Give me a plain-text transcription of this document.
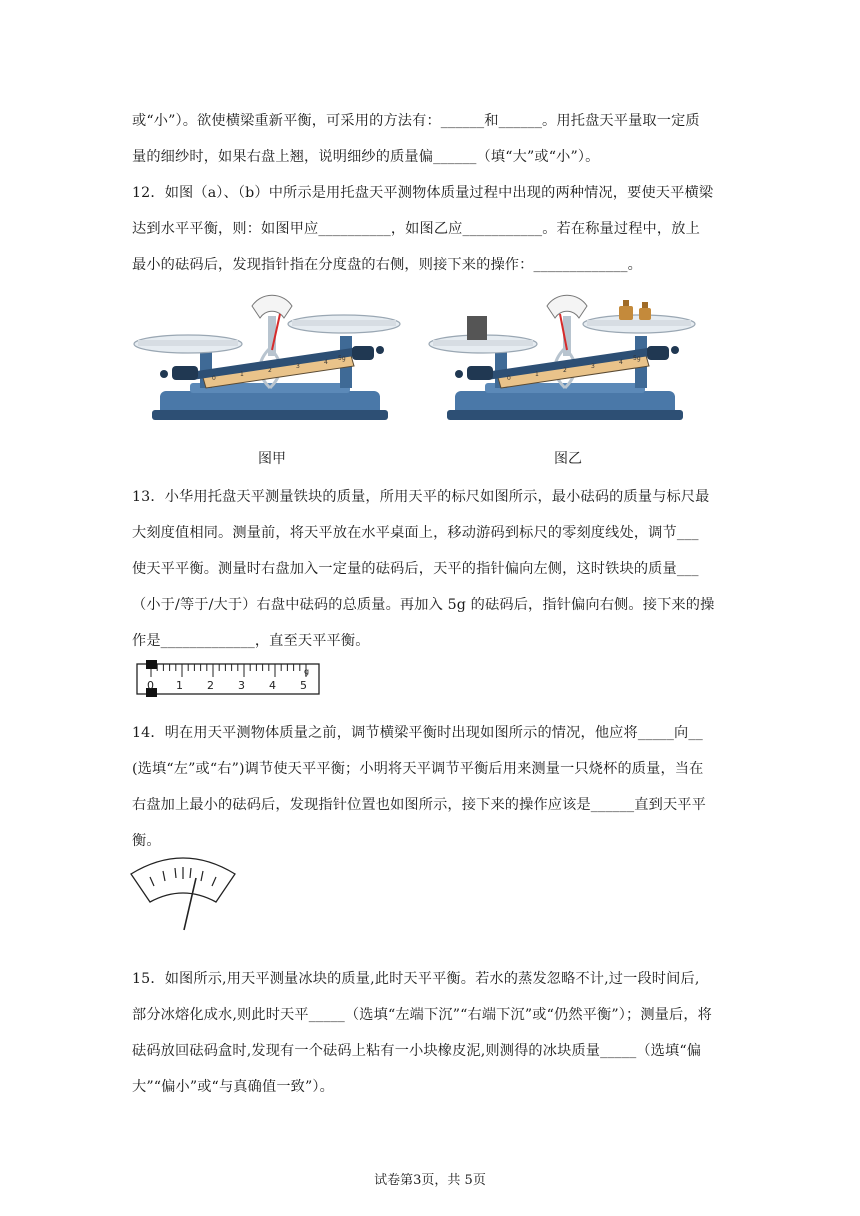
或“小”）。欲使横梁重新平衡，可采用的方法有：______和______。用托盘天平量取一定质
量的细纱时，如果右盘上翘，说明细纱的质量偏______（填“大”或“小”）。
12．如图（a）、（b）中所示是用托盘天平测物体质量过程中出现的两种情况，要使天平横梁
达到水平平衡，则：如图甲应__________，如图乙应___________。若在称量过程中，放上
最小的砝码后，发现指针指在分度盘的右侧，则接下来的操作：_____________。
0
1
2
3
4
5g
图甲
0
1
2
3
4
5g
图乙
13．小华用托盘天平测量铁块的质量，所用天平的标尺如图所示，最小砝码的质量与标尺最
大刻度值相同。测量前，将天平放在水平桌面上，移动游码到标尺的零刻度线处，调节___
使天平平衡。测量时右盘加入一定量的砝码后，天平的指针偏向左侧，这时铁块的质量___
（小于/等于/大于）右盘中砝码的总质量。再加入 5g 的砝码后，指针偏向右侧。接下来的操
作是_____________，直至天平平衡。
0 1 2 3 4 5
g
14．明在用天平测物体质量之前，调节横梁平衡时出现如图所示的情况，他应将_____向__
(选填“左”或“右”)调节使天平平衡；小明将天平调节平衡后用来测量一只烧杯的质量，当在
右盘加上最小的砝码后，发现指针位置也如图所示，接下来的操作应该是______直到天平平
衡。
15．如图所示,用天平测量冰块的质量,此时天平平衡。若水的蒸发忽略不计,过一段时间后,
部分冰熔化成水,则此时天平_____（选填“左端下沉”“右端下沉”或“仍然平衡”）；测量后，将
砝码放回砝码盒时,发现有一个砝码上粘有一小块橡皮泥,则测得的冰块质量_____（选填“偏
大”“偏小”或“与真确值一致”）。
试卷第3页，共 5页
